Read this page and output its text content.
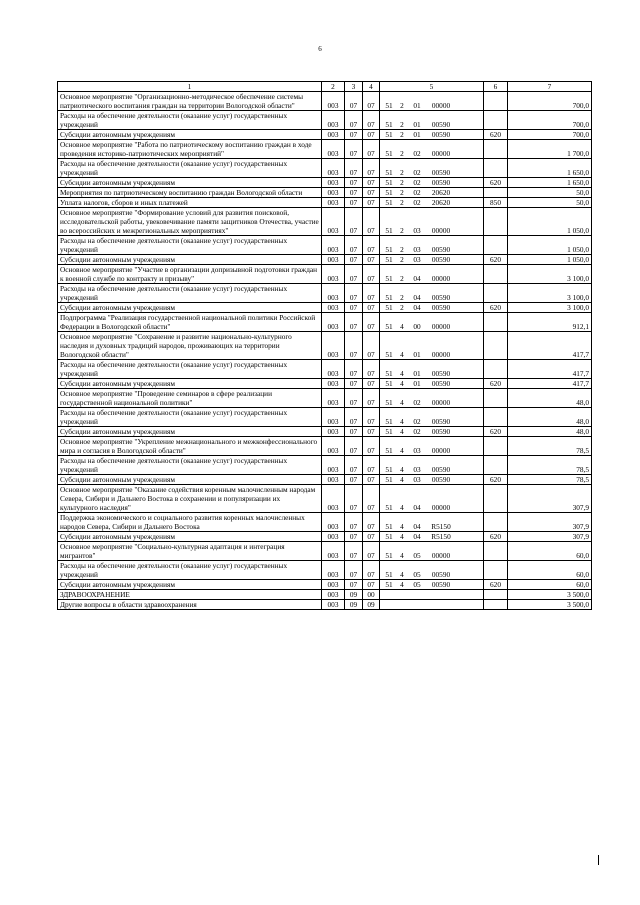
6
1	2	3	4	5	6	7
Основное мероприятие "Организационно-методическое обеспечение системы патриотического воспитания граждан на территории Вологодской области"	003	07	07	51 2 01 00000		700,0
Расходы на обеспечение деятельности (оказание услуг) государственных учреждений	003	07	07	51 2 01 00590		700,0
Субсидии автономным учреждениям	003	07	07	51 2 01 00590	620	700,0
Основное мероприятие "Работа по патриотическому воспитанию граждан в ходе проведения историко-патриотических мероприятий"	003	07	07	51 2 02 00000		1 700,0
Расходы на обеспечение деятельности (оказание услуг) государственных учреждений	003	07	07	51 2 02 00590		1 650,0
Субсидии автономным учреждениям	003	07	07	51 2 02 00590	620	1 650,0
Мероприятия по патриотическому воспитанию граждан Вологодской области	003	07	07	51 2 02 20620		50,0
Уплата налогов, сборов и иных платежей	003	07	07	51 2 02 20620	850	50,0
Основное мероприятие "Формирование условий для развития поисковой, исследовательской работы, увековечивание памяти защитников Отечества, участие во всероссийских и межрегиональных мероприятиях"	003	07	07	51 2 03 00000		1 050,0
Расходы на обеспечение деятельности (оказание услуг) государственных учреждений	003	07	07	51 2 03 00590		1 050,0
Субсидии автономным учреждениям	003	07	07	51 2 03 00590	620	1 050,0
Основное мероприятие "Участие в организации допризывной подготовки граждан к военной службе по контракту и призыву"	003	07	07	51 2 04 00000		3 100,0
Расходы на обеспечение деятельности (оказание услуг) государственных учреждений	003	07	07	51 2 04 00590		3 100,0
Субсидии автономным учреждениям	003	07	07	51 2 04 00590	620	3 100,0
Подпрограмма "Реализация государственной национальной политики Российской Федерации в Вологодской области"	003	07	07	51 4 00 00000		912,1
Основное мероприятие "Сохранение и развитие национально-культурного наследия и духовных традиций народов, проживающих на территории Вологодской области"	003	07	07	51 4 01 00000		417,7
Расходы на обеспечение деятельности (оказание услуг) государственных учреждений	003	07	07	51 4 01 00590		417,7
Субсидии автономным учреждениям	003	07	07	51 4 01 00590	620	417,7
Основное мероприятие "Проведение семинаров в сфере реализации государственной национальной политики"	003	07	07	51 4 02 00000		48,0
Расходы на обеспечение деятельности (оказание услуг) государственных учреждений	003	07	07	51 4 02 00590		48,0
Субсидии автономным учреждениям	003	07	07	51 4 02 00590	620	48,0
Основное мероприятие "Укрепление межнационального и межконфессионального мира и согласия в Вологодской области"	003	07	07	51 4 03 00000		78,5
Расходы на обеспечение деятельности (оказание услуг) государственных учреждений	003	07	07	51 4 03 00590		78,5
Субсидии автономным учреждениям	003	07	07	51 4 03 00590	620	78,5
Основное мероприятие "Оказание содействия коренным малочисленным народам Севера, Сибири и Дальнего Востока в сохранении и популяризации их культурного наследия"	003	07	07	51 4 04 00000		307,9
Поддержка экономического и социального развития коренных малочисленных народов Севера, Сибири и Дальнего Востока	003	07	07	51 4 04 R5150		307,9
Субсидии автономным учреждениям	003	07	07	51 4 04 R5150	620	307,9
Основное мероприятие "Социально-культурная адаптация и интеграция мигрантов"	003	07	07	51 4 05 00000		60,0
Расходы на обеспечение деятельности (оказание услуг) государственных учреждений	003	07	07	51 4 05 00590		60,0
Субсидии автономным учреждениям	003	07	07	51 4 05 00590	620	60,0
ЗДРАВООХРАНЕНИЕ	003	09	00			3 500,0
Другие вопросы в области здравоохранения	003	09	09			3 500,0
